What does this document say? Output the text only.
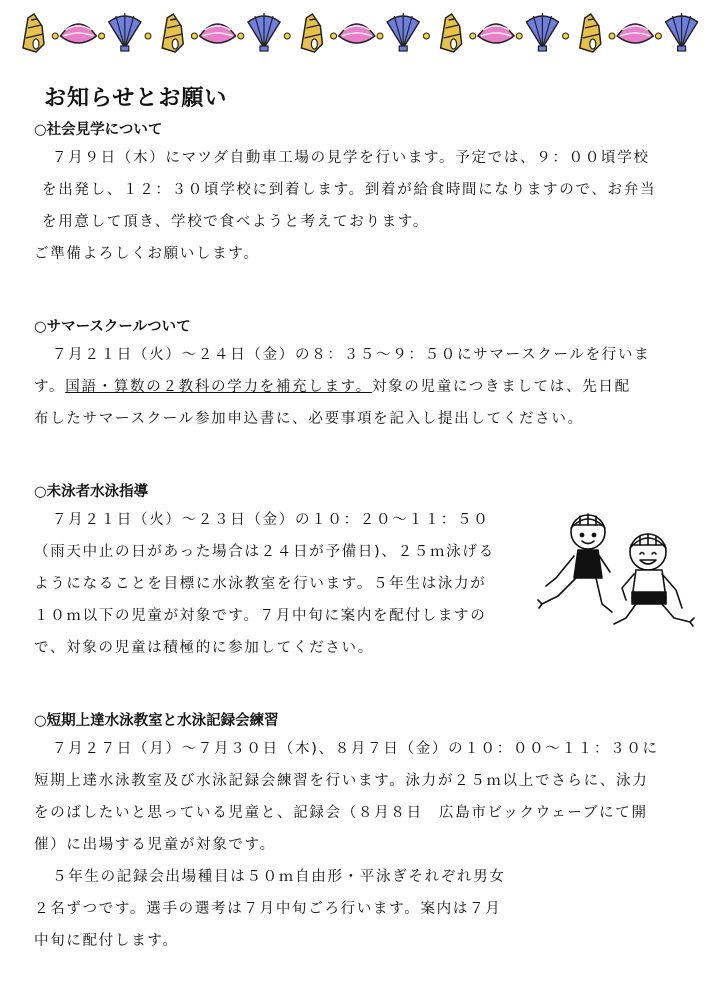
お知らせとお願い

○社会見学について

７月９日（木）にマツダ自動車工場の見学を行います。予定では、９：００頃学校

を出発し、１２：３０頃学校に到着します。到着が給食時間になりますので、お弁当

を用意して頂き、学校で食べようと考えております。

ご準備よろしくお願いします。

○サマースクールついて

７月２１日（火）～２４日（金）の８：３５～９：５０にサマースクールを行いま

す。国語・算数の２教科の学力を補充します。対象の児童につきましては、先日配

布したサマースクール参加申込書に、必要事項を記入し提出してください。

○未泳者水泳指導

７月２１日（火）～２３日（金）の１０：２０～１１：５０

（雨天中止の日があった場合は２４日が予備日)、２５ｍ泳げる

ようになることを目標に水泳教室を行います。５年生は泳力が

１０ｍ以下の児童が対象です。７月中旬に案内を配付しますの

で、対象の児童は積極的に参加してください。

○短期上達水泳教室と水泳記録会練習

７月２７日（月）～７月３０日（木)、８月７日（金）の１０：００～１１：３０に

短期上達水泳教室及び水泳記録会練習を行います。泳力が２５ｍ以上でさらに、泳力

をのばしたいと思っている児童と、記録会（８月８日　広島市ビックウェーブにて開

催）に出場する児童が対象です。

５年生の記録会出場種目は５０ｍ自由形・平泳ぎそれぞれ男女

２名ずつです。選手の選考は７月中旬ごろ行います。案内は７月

中旬に配付します。
